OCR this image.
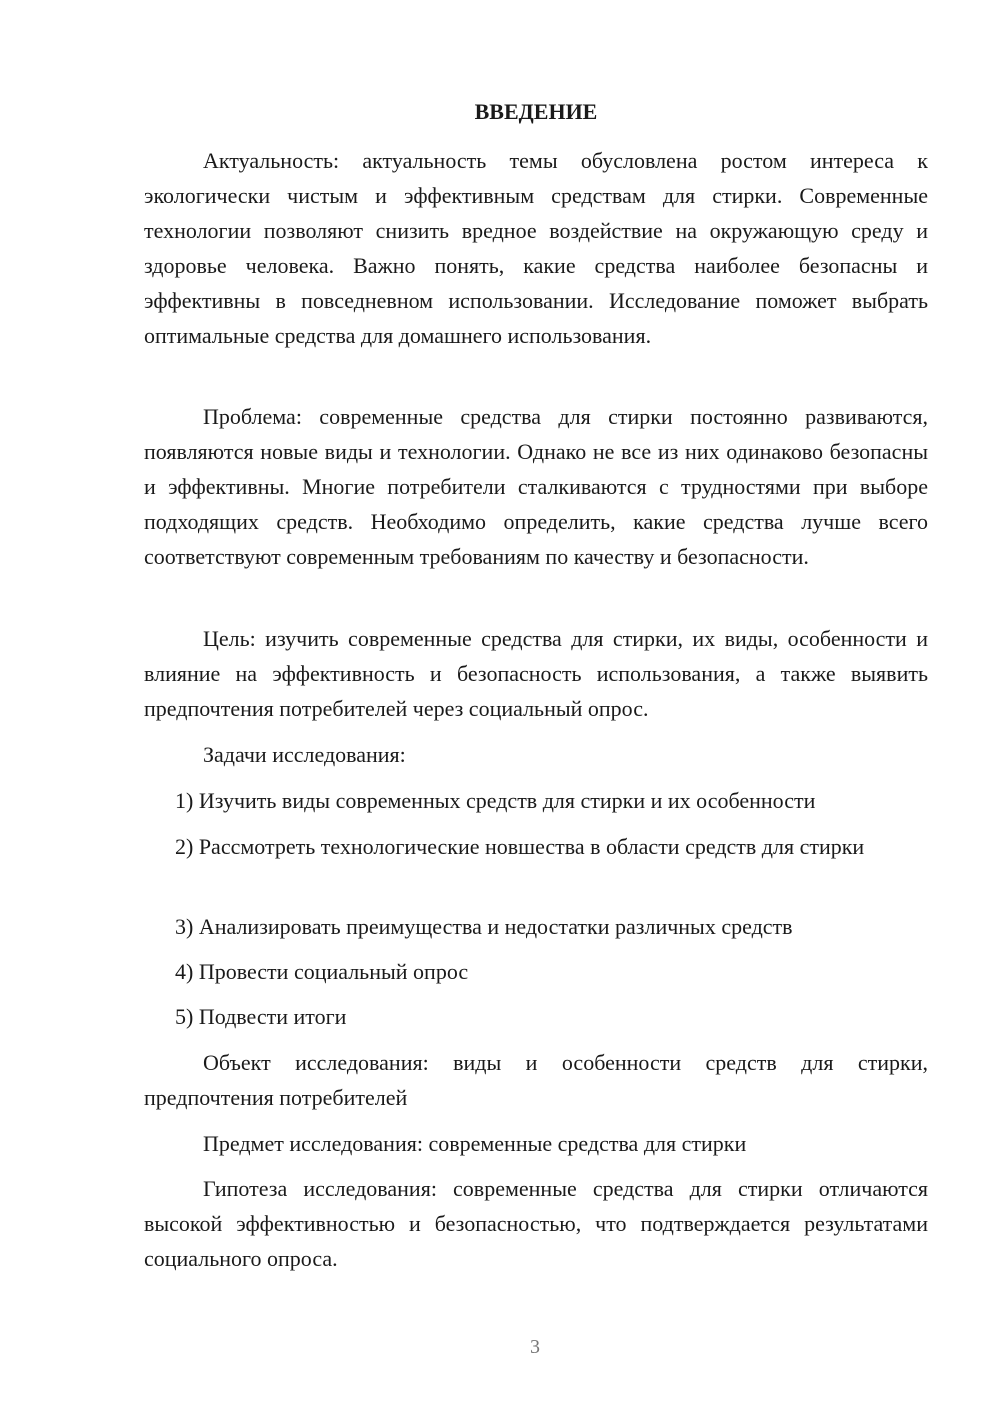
ВВЕДЕНИЕ

Актуальность: актуальность темы обусловлена ростом интереса к экологически чистым и эффективным средствам для стирки. Современные технологии позволяют снизить вредное воздействие на окружающую среду и здоровье человека. Важно понять, какие средства наиболее безопасны и эффективны в повседневном использовании. Исследование поможет выбрать оптимальные средства для домашнего использования.

Проблема: современные средства для стирки постоянно развиваются, появляются новые виды и технологии. Однако не все из них одинаково безопасны и эффективны. Многие потребители сталкиваются с трудностями при выборе подходящих средств. Необходимо определить, какие средства лучше всего соответствуют современным требованиям по качеству и безопасности.

Цель: изучить современные средства для стирки, их виды, особенности и влияние на эффективность и безопасность использования, а также выявить предпочтения потребителей через социальный опрос.

Задачи исследования:

1) Изучить виды современных средств для стирки и их особенности

2) Рассмотреть технологические новшества в области средств для стирки

3) Анализировать преимущества и недостатки различных средств

4) Провести социальный опрос

5) Подвести итоги

Объект исследования: виды и особенности средств для стирки, предпочтения потребителей

Предмет исследования: современные средства для стирки

Гипотеза исследования: современные средства для стирки отличаются высокой эффективностью и безопасностью, что подтверждается результатами социального опроса.

3
